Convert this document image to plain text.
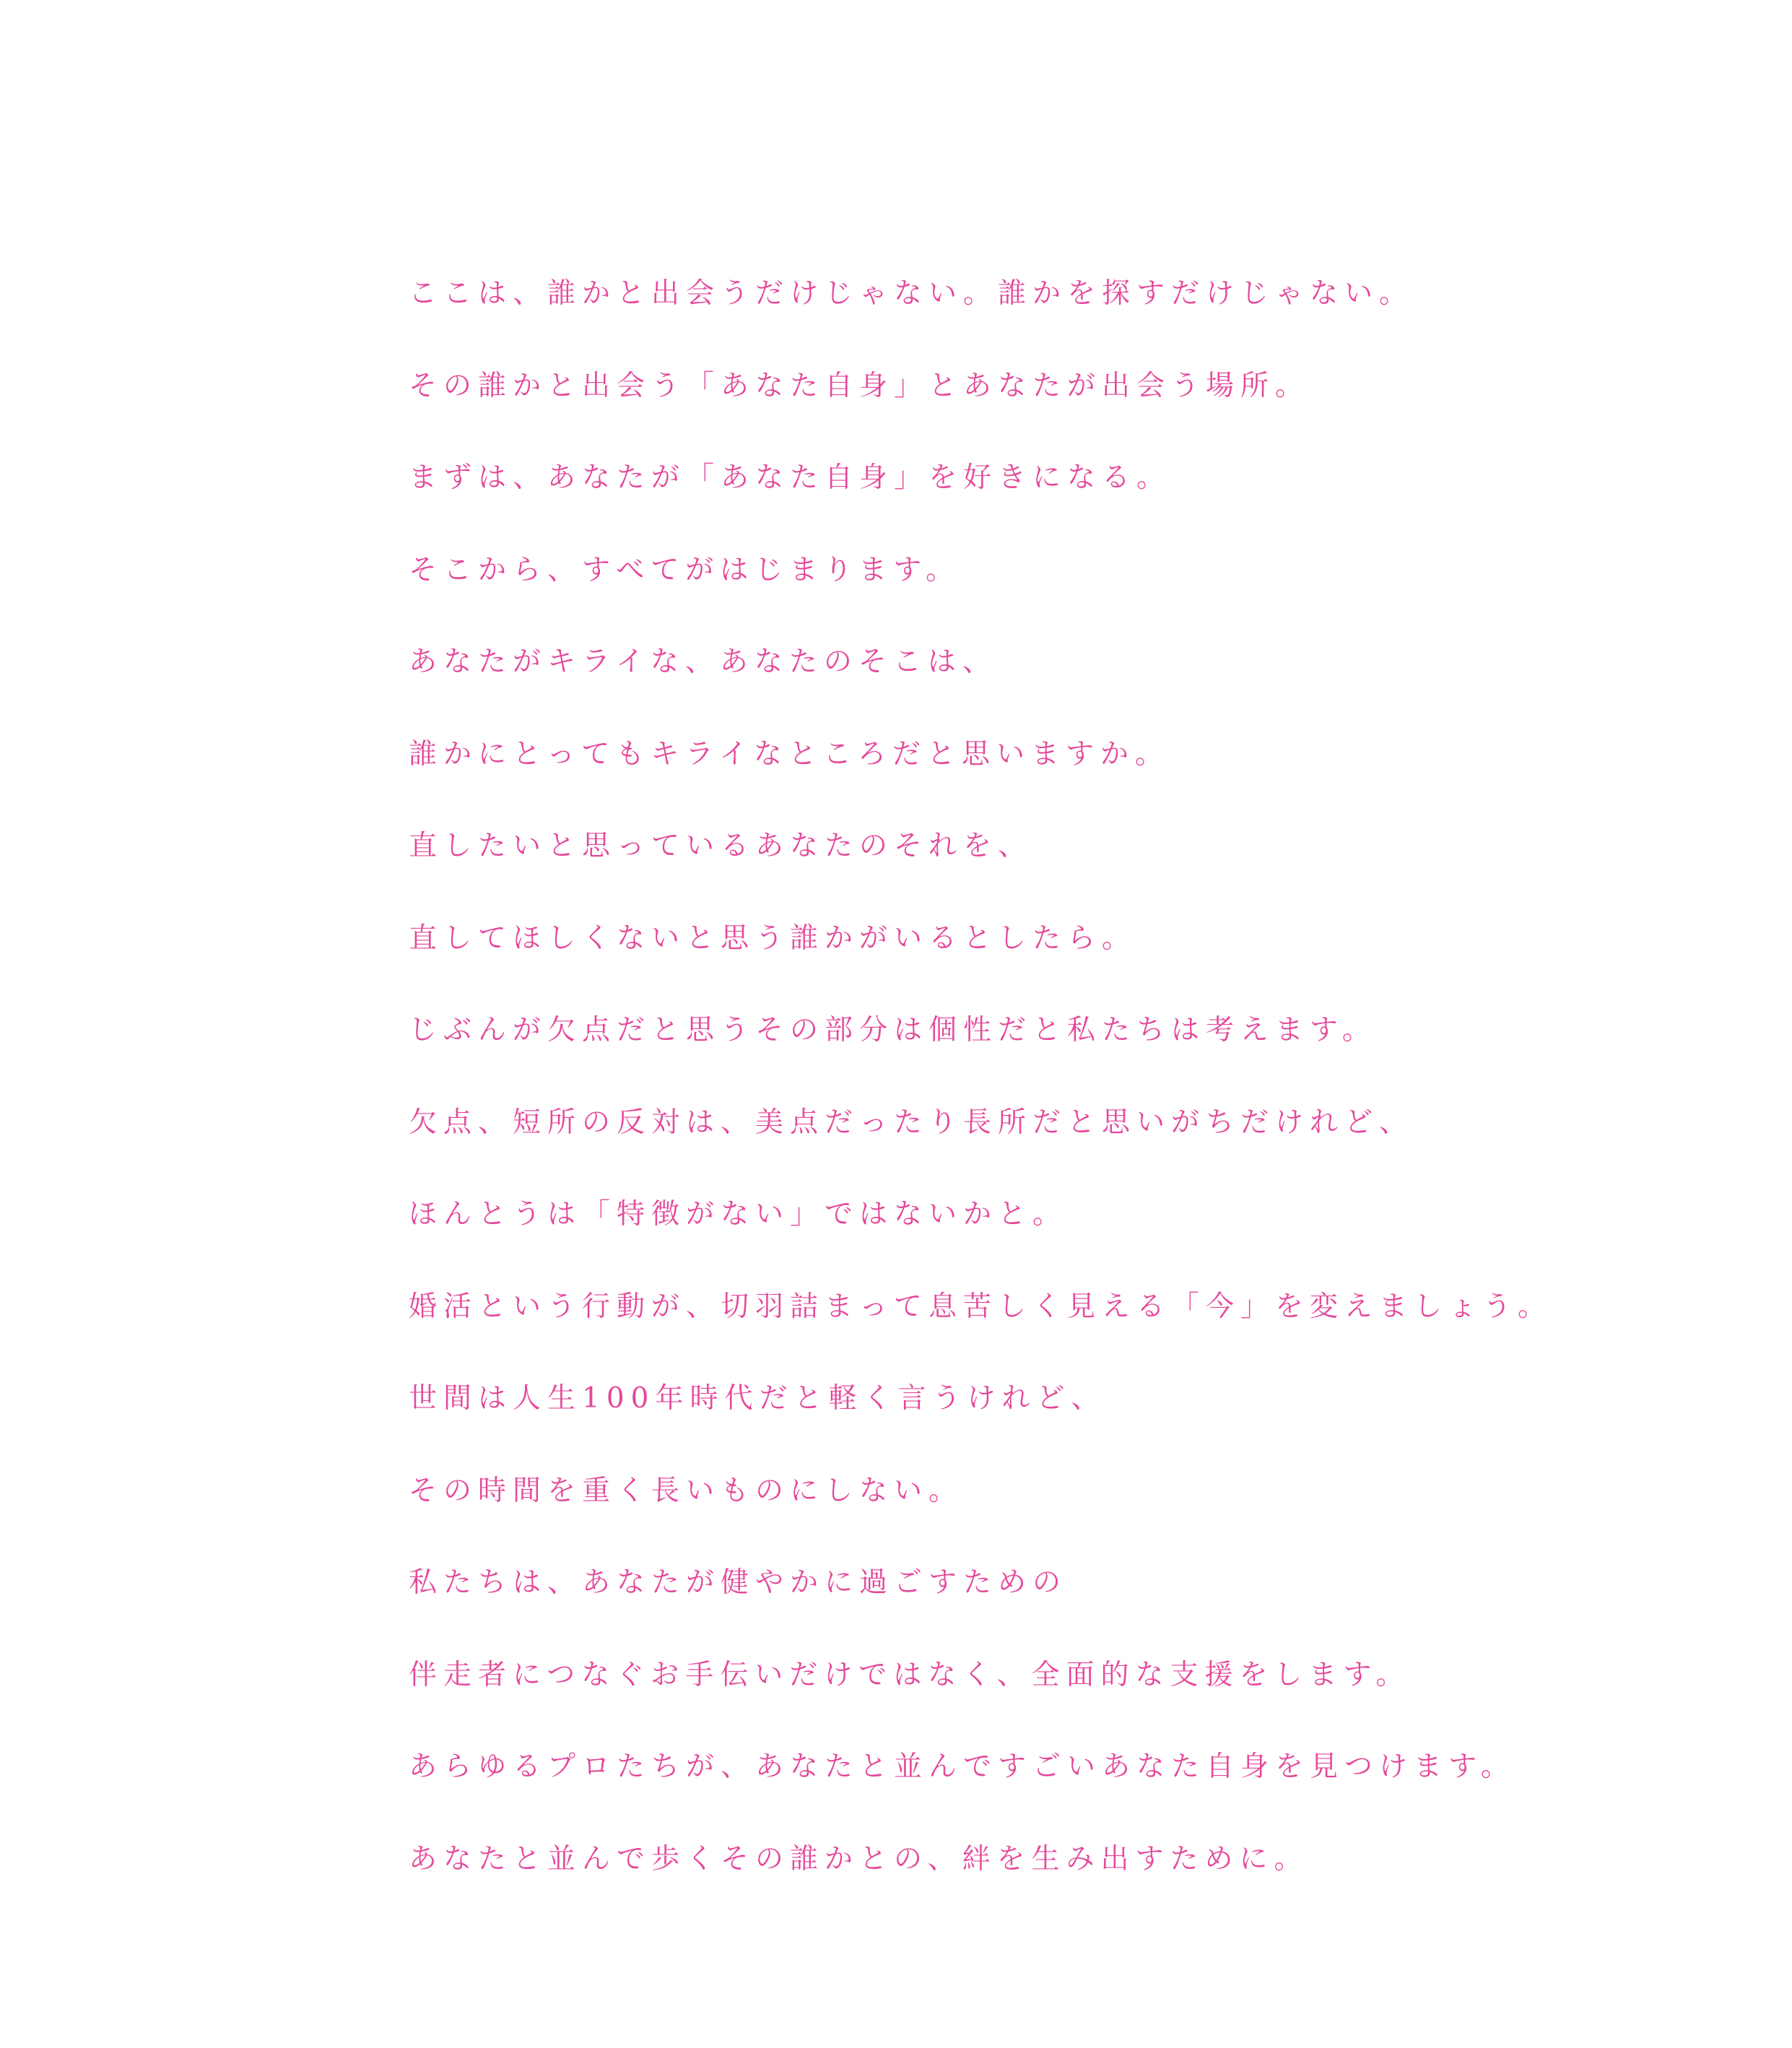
ここは、誰かと出会うだけじゃない。誰かを探すだけじゃない。
その誰かと出会う「あなた自身」とあなたが出会う場所。
まずは、あなたが「あなた自身」を好きになる。
そこから、すべてがはじまります。
あなたがキライな、あなたのそこは、
誰かにとってもキライなところだと思いますか。
直したいと思っているあなたのそれを、
直してほしくないと思う誰かがいるとしたら。
じぶんが欠点だと思うその部分は個性だと私たちは考えます。
欠点、短所の反対は、美点だったり長所だと思いがちだけれど、
ほんとうは「特徴がない」ではないかと。
婚活という行動が、切羽詰まって息苦しく見える「今」を変えましょう。
世間は人生100年時代だと軽く言うけれど、
その時間を重く長いものにしない。
私たちは、あなたが健やかに過ごすための
伴走者につなぐお手伝いだけではなく、全面的な支援をします。
あらゆるプロたちが、あなたと並んですごいあなた自身を見つけます。
あなたと並んで歩くその誰かとの、絆を生み出すために。
